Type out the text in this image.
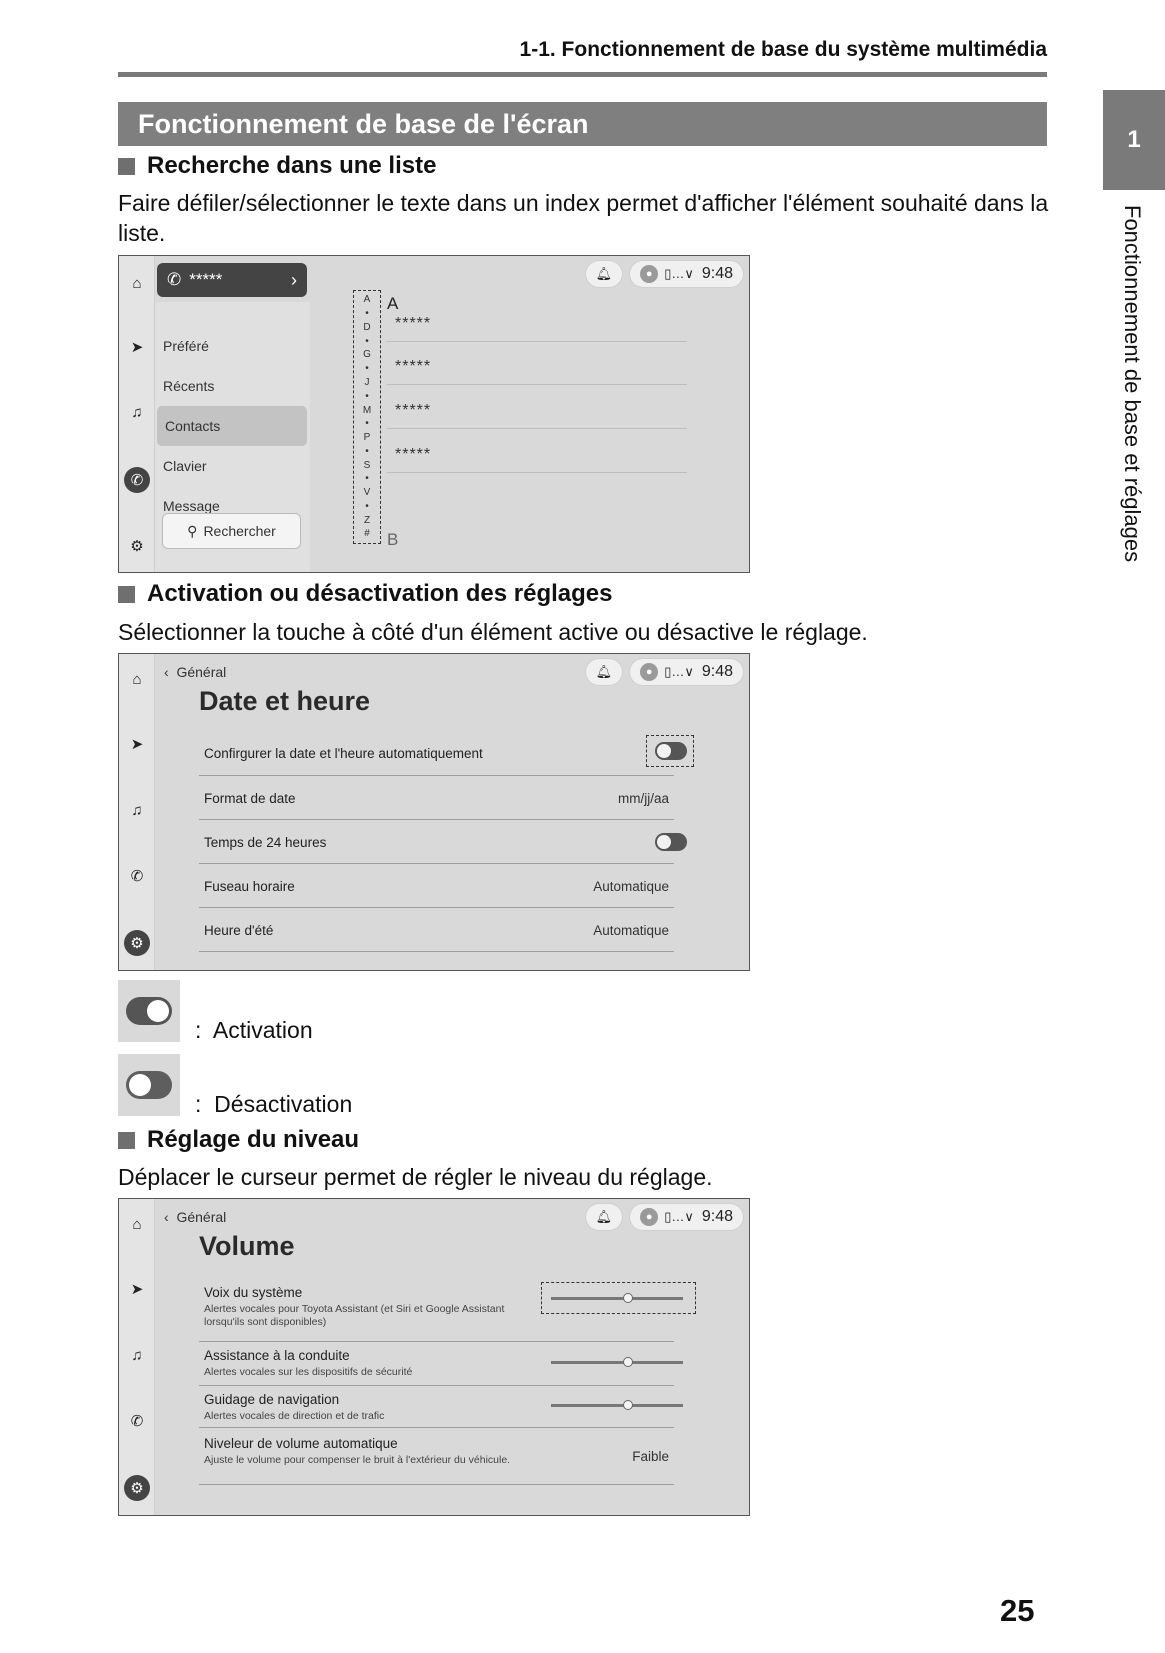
1-1. Fonctionnement de base du système multimédia
1
Fonctionnement de base et réglages
Fonctionnement de base de l'écran
Recherche dans une liste
Faire défiler/sélectionner le texte dans un index permet d'afficher l'élément souhaité dans la liste.
⌂
➤
♫
✆
⚙
Préféré
Récents
Contacts
Clavier
Message
✆ *****	›
⚲ Rechercher
A
•
D
•
G
•
J
•
M
•
P
•
S
•
V
•
Z
#
A
*****
*****
*****
*****
B
🔔︎	● ▯…∨ 9:48
Activation ou désactivation des réglages
Sélectionner la touche à côté d'un élément active ou désactive le réglage.
⌂
➤
♫
✆
⚙
‹  Général
Date et heure
Confirgurer la date et l'heure automatiquement
Format de date	mm/jj/aa
Temps de 24 heures
Fuseau horaire	Automatique
Heure d'été	Automatique
🔔︎	● ▯…∨ 9:48
: Activation
: Désactivation
Réglage du niveau
Déplacer le curseur permet de régler le niveau du réglage.
⌂
➤
♫
✆
⚙
‹  Général
Volume
Voix du système
Alertes vocales pour Toyota Assistant (et Siri et Google Assistant lorsqu'ils sont disponibles)
Assistance à la conduite
Alertes vocales sur les dispositifs de sécurité
Guidage de navigation
Alertes vocales de direction et de trafic
Niveleur de volume automatique
Ajuste le volume pour compenser le bruit à l'extérieur du véhicule.	Faible
🔔︎	● ▯…∨ 9:48
25
